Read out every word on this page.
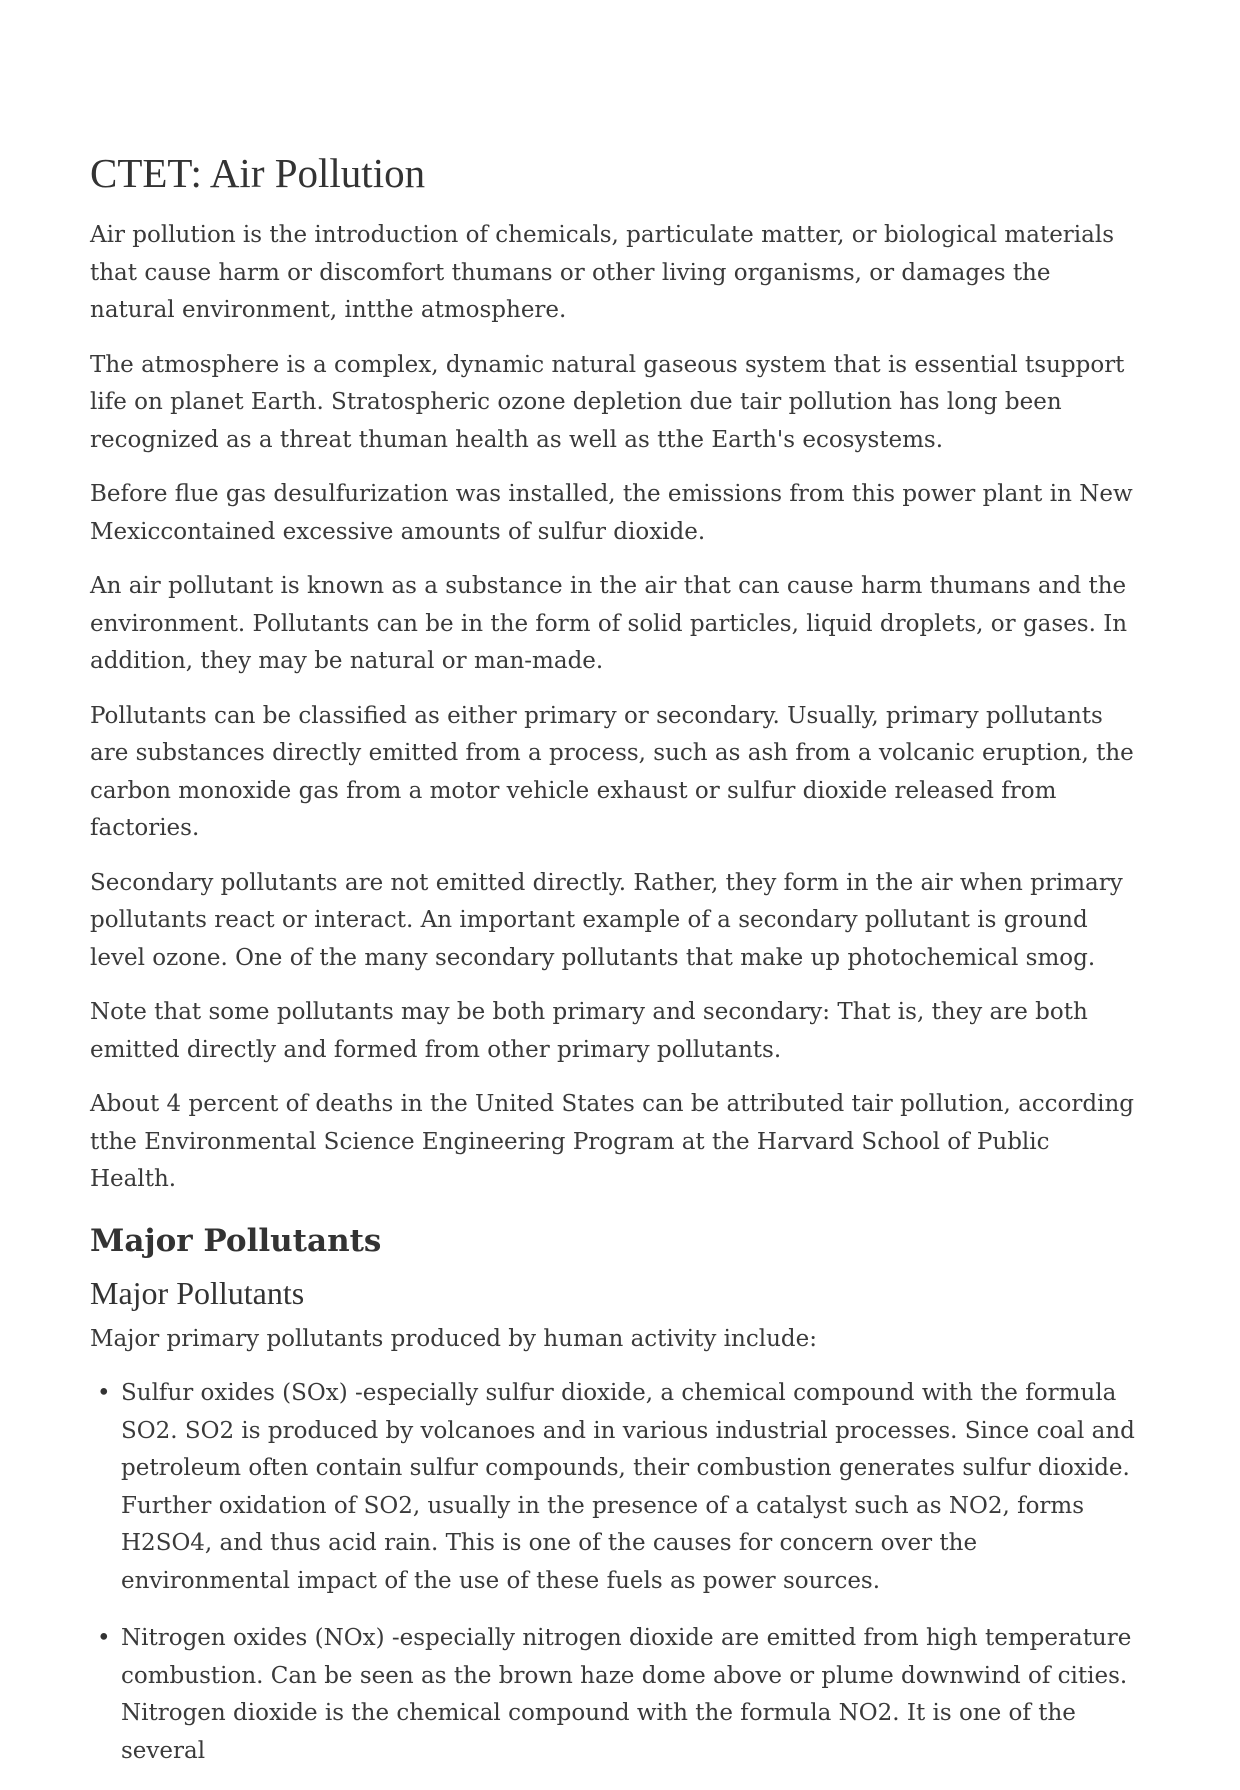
CTET: Air Pollution

Air pollution is the introduction of chemicals, particulate matter, or biological materials that cause harm or discomfort thumans or other living organisms, or damages the natural environment, intthe atmosphere.

The atmosphere is a complex, dynamic natural gaseous system that is essential tsupport life on planet Earth. Stratospheric ozone depletion due tair pollution has long been recognized as a threat thuman health as well as tthe Earth's ecosystems.

Before flue gas desulfurization was installed, the emissions from this power plant in New Mexiccontained excessive amounts of sulfur dioxide.

An air pollutant is known as a substance in the air that can cause harm thumans and the environment. Pollutants can be in the form of solid particles, liquid droplets, or gases. In addition, they may be natural or man-made.

Pollutants can be classified as either primary or secondary. Usually, primary pollutants are substances directly emitted from a process, such as ash from a volcanic eruption, the carbon monoxide gas from a motor vehicle exhaust or sulfur dioxide released from factories.

Secondary pollutants are not emitted directly. Rather, they form in the air when primary pollutants react or interact. An important example of a secondary pollutant is ground level ozone. One of the many secondary pollutants that make up photochemical smog.

Note that some pollutants may be both primary and secondary: That is, they are both emitted directly and formed from other primary pollutants.

About 4 percent of deaths in the United States can be attributed tair pollution, according tthe Environmental Science Engineering Program at the Harvard School of Public Health.

Major Pollutants
Major Pollutants

Major primary pollutants produced by human activity include:

• Sulfur oxides (SOx) -especially sulfur dioxide, a chemical compound with the formula SO2. SO2 is produced by volcanoes and in various industrial processes. Since coal and petroleum often contain sulfur compounds, their combustion generates sulfur dioxide. Further oxidation of SO2, usually in the presence of a catalyst such as NO2, forms H2SO4, and thus acid rain. This is one of the causes for concern over the environmental impact of the use of these fuels as power sources.
• Nitrogen oxides (NOx) -especially nitrogen dioxide are emitted from high temperature combustion. Can be seen as the brown haze dome above or plume downwind of cities. Nitrogen dioxide is the chemical compound with the formula NO2. It is one of the several
